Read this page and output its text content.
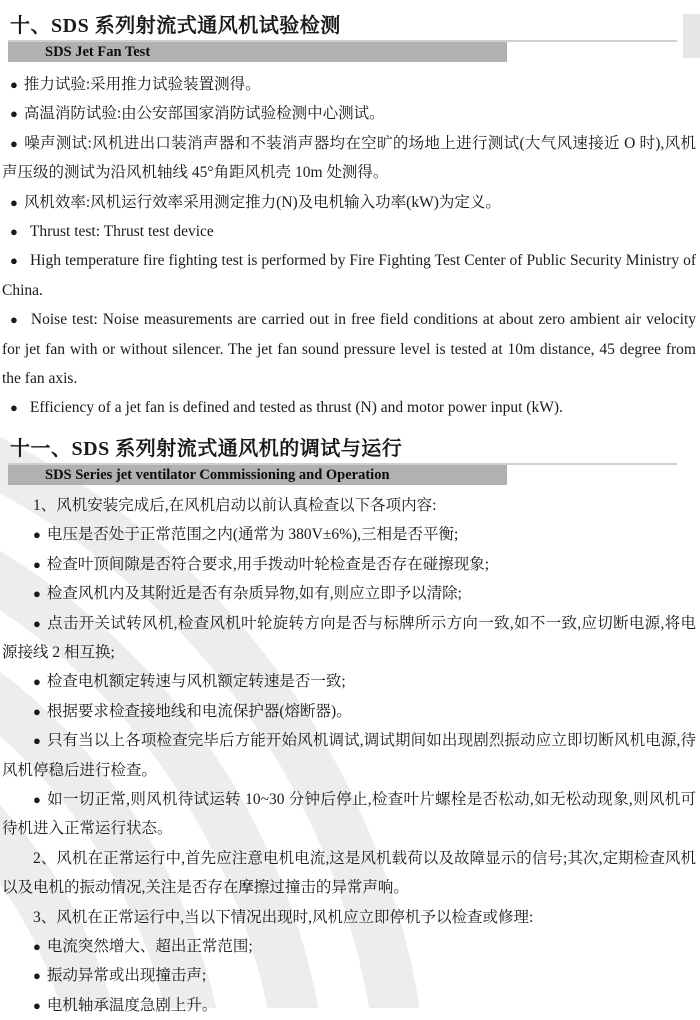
十、SDS 系列射流式通风机试验检测
SDS Jet Fan Test

● 推力试验:采用推力试验装置测得。

● 高温消防试验:由公安部国家消防试验检测中心测试。

● 噪声测试:风机进出口装消声器和不装消声器均在空旷的场地上进行测试(大气风速接近 O 时),风机声压级的测试为沿风机轴线 45°角距风机壳 10m 处测得。

● 风机效率:风机运行效率采用测定推力(N)及电机输入功率(kW)为定义。

● Thrust test: Thrust test device

● High temperature fire fighting test is performed by Fire Fighting Test Center of Public Security Ministry of China.

● Noise test: Noise measurements are carried out in free field conditions at about zero ambient air velocity for jet fan with or without silencer. The jet fan sound pressure level is tested at 10m distance, 45 degree from the fan axis.

● Efficiency of a jet fan is defined and tested as thrust (N) and motor power input (kW).

十一、SDS 系列射流式通风机的调试与运行
SDS Series jet ventilator Commissioning and Operation

1、风机安装完成后,在风机启动以前认真检查以下各项内容:

● 电压是否处于正常范围之内(通常为 380V±6%),三相是否平衡;

● 检查叶顶间隙是否符合要求,用手拨动叶轮检查是否存在碰擦现象;

● 检查风机内及其附近是否有杂质异物,如有,则应立即予以清除;

● 点击开关试转风机,检查风机叶轮旋转方向是否与标牌所示方向一致,如不一致,应切断电源,将电源接线 2 相互换;

● 检查电机额定转速与风机额定转速是否一致;

● 根据要求检查接地线和电流保护器(熔断器)。

● 只有当以上各项检查完毕后方能开始风机调试,调试期间如出现剧烈振动应立即切断风机电源,待风机停稳后进行检查。

● 如一切正常,则风机待试运转 10~30 分钟后停止,检查叶片螺栓是否松动,如无松动现象,则风机可待机进入正常运行状态。

2、风机在正常运行中,首先应注意电机电流,这是风机载荷以及故障显示的信号;其次,定期检查风机以及电机的振动情况,关注是否存在摩擦过撞击的异常声响。

3、风机在正常运行中,当以下情况出现时,风机应立即停机予以检查或修理:

● 电流突然增大、超出正常范围;

● 振动异常或出现撞击声;

● 电机轴承温度急剧上升。
